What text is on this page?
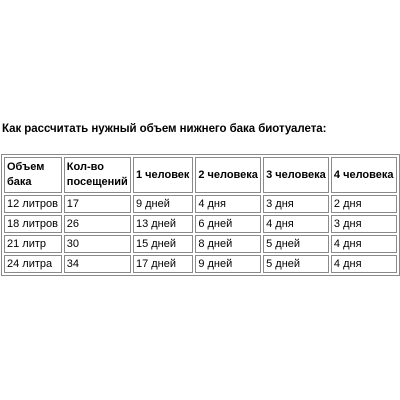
Как рассчитать нужный объем нижнего бака биотуалета:
Объем бака	Кол-во посещений	1 человек	2 человека	3 человека	4 человека
12 литров	17	9 дней	4 дня	3 дня	2 дня
18 литров	26	13 дней	6 дней	4 дня	3 дня
21 литр	30	15 дней	8 дней	5 дней	4 дня
24 литра	34	17 дней	9 дней	5 дней	4 дня
